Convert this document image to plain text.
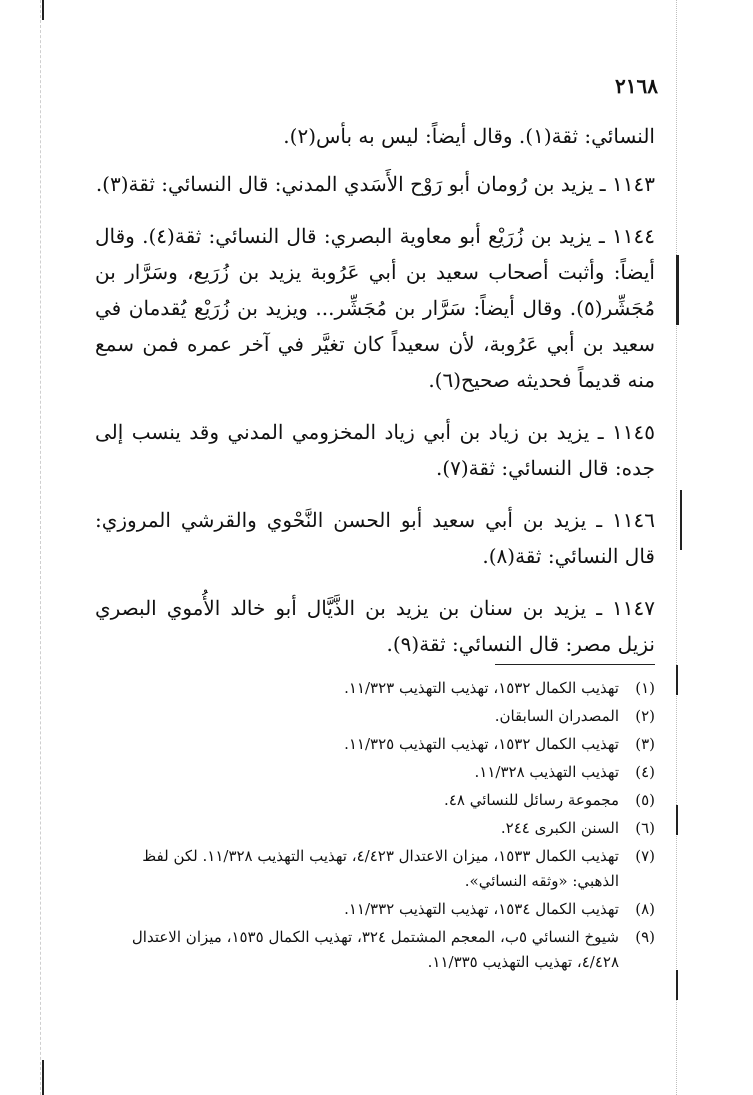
٢١٦٨

النسائي: ثقة(١). وقال أيضاً: ليس به بأس(٢).

١١٤٣ ـ يزيد بن رُومان أبو رَوْح الأَسَدي المدني: قال النسائي: ثقة(٣).

١١٤٤ ـ يزيد بن زُرَيْع أبو معاوية البصري: قال النسائي: ثقة(٤). وقال أيضاً: وأثبت أصحاب سعيد بن أبي عَرُوبة يزيد بن زُرَيع، وسَرَّار بن مُجَشِّر(٥). وقال أيضاً: سَرَّار بن مُجَشِّر... ويزيد بن زُرَيْع يُقدمان في سعيد بن أبي عَرُوبة، لأن سعيداً كان تغيَّر في آخر عمره فمن سمع منه قديماً فحديثه صحيح(٦).

١١٤٥ ـ يزيد بن زياد بن أبي زياد المخزومي المدني وقد ينسب إلى جده: قال النسائي: ثقة(٧).

١١٤٦ ـ يزيد بن أبي سعيد أبو الحسن النَّحْوي والقرشي المروزي: قال النسائي: ثقة(٨).

١١٤٧ ـ يزيد بن سنان بن يزيد بن الذَّيَّال أبو خالد الأُموي البصري نزيل مصر: قال النسائي: ثقة(٩).

(١)
تهذيب الكمال ١٥٣٢، تهذيب التهذيب ١١/٣٢٣.
(٢)
المصدران السابقان.
(٣)
تهذيب الكمال ١٥٣٢، تهذيب التهذيب ١١/٣٢٥.
(٤)
تهذيب التهذيب ١١/٣٢٨.
(٥)
مجموعة رسائل للنسائي ٤٨.
(٦)
السنن الكبرى ٢٤٤.
(٧)
تهذيب الكمال ١٥٣٣، ميزان الاعتدال ٤/٤٢٣، تهذيب التهذيب ١١/٣٢٨. لكن لفظ الذهبي: «وثقه النسائي».
(٨)
تهذيب الكمال ١٥٣٤، تهذيب التهذيب ١١/٣٣٢.
(٩)
شيوخ النسائي ٥ب، المعجم المشتمل ٣٢٤، تهذيب الكمال ١٥٣٥، ميزان الاعتدال ٤/٤٢٨، تهذيب التهذيب ١١/٣٣٥.
